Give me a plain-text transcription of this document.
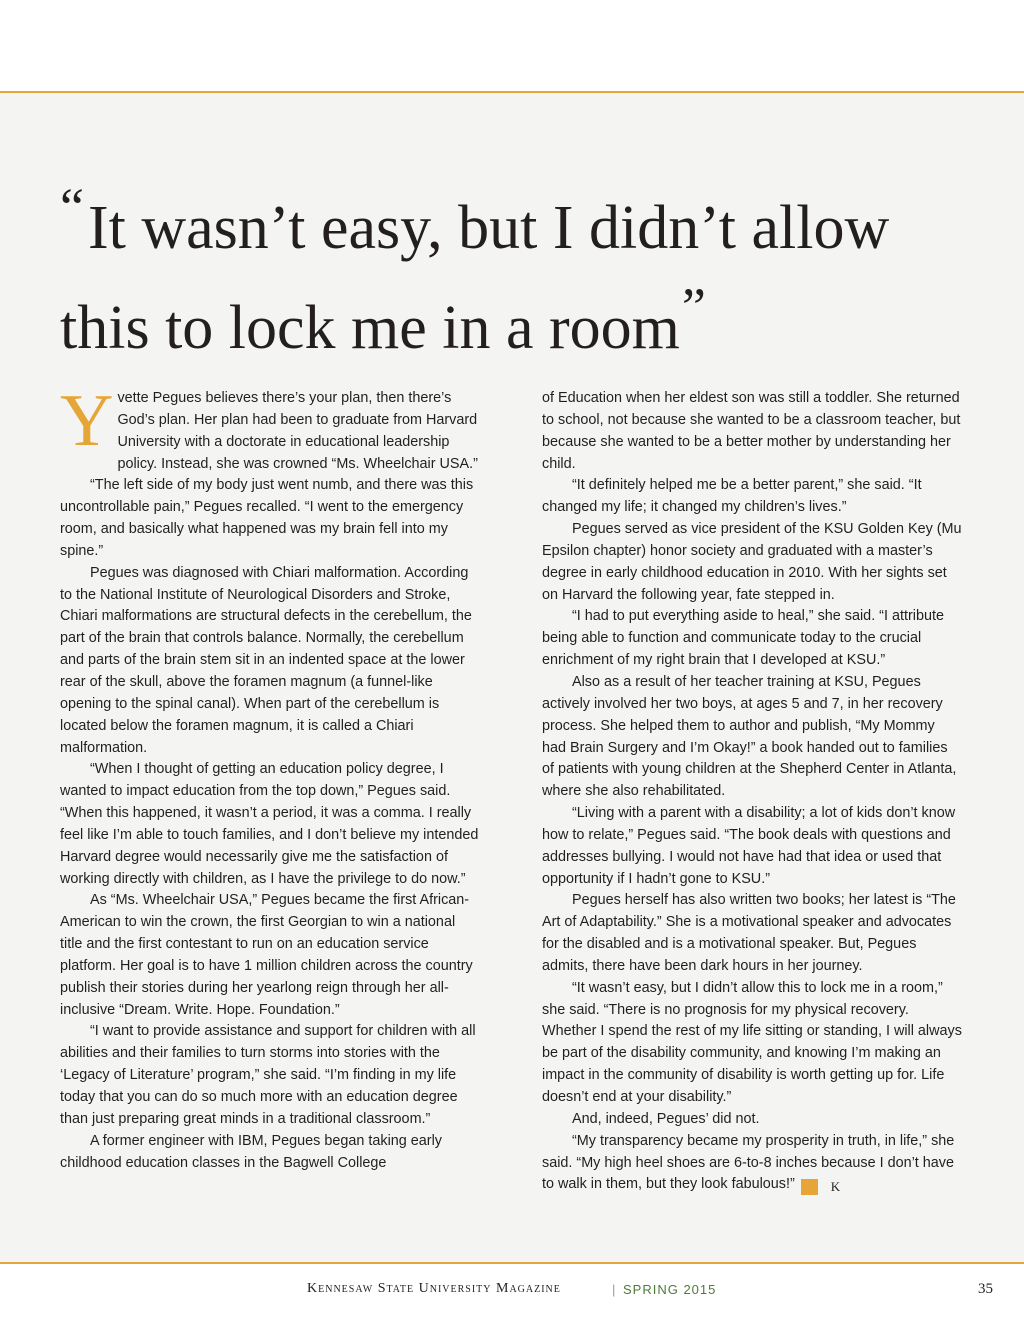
“It wasn’t easy, but I didn’t allow this to lock me in a room”

Yvette Pegues believes there’s your plan, then there’s God’s plan. Her plan had been to graduate from Harvard University with a doctorate in educational leadership policy. Instead, she was crowned “Ms. Wheelchair USA.”

“The left side of my body just went numb, and there was this uncontrollable pain,” Pegues recalled. “I went to the emergency room, and basically what happened was my brain fell into my spine.”

Pegues was diagnosed with Chiari malformation. According to the National Institute of Neurological Disorders and Stroke, Chiari malformations are structural defects in the cerebellum, the part of the brain that controls balance. Normally, the cerebellum and parts of the brain stem sit in an indented space at the lower rear of the skull, above the foramen magnum (a funnel-like opening to the spinal canal). When part of the cerebellum is located below the foramen magnum, it is called a Chiari malformation.

“When I thought of getting an education policy degree, I wanted to impact education from the top down,” Pegues said. “When this happened, it wasn’t a period, it was a comma. I really feel like I’m able to touch families, and I don’t believe my intended Harvard degree would necessarily give me the satisfaction of working directly with children, as I have the privilege to do now.”

As “Ms. Wheelchair USA,” Pegues became the first African-American to win the crown, the first Georgian to win a national title and the first contestant to run on an education service platform. Her goal is to have 1 million children across the country publish their stories during her yearlong reign through her all-inclusive “Dream. Write. Hope. Foundation.”

“I want to provide assistance and support for children with all abilities and their families to turn storms into stories with the ‘Legacy of Literature’ program,” she said. “I’m finding in my life today that you can do so much more with an education degree than just preparing great minds in a traditional classroom.”

A former engineer with IBM, Pegues began taking early childhood education classes in the Bagwell College

of Education when her eldest son was still a toddler. She returned to school, not because she wanted to be a classroom teacher, but because she wanted to be a better mother by understanding her child.

“It definitely helped me be a better parent,” she said. “It changed my life; it changed my children’s lives.”

Pegues served as vice president of the KSU Golden Key (Mu Epsilon chapter) honor society and graduated with a master’s degree in early childhood education in 2010. With her sights set on Harvard the following year, fate stepped in.

“I had to put everything aside to heal,” she said. “I attribute being able to function and communicate today to the crucial enrichment of my right brain that I developed at KSU.”

Also as a result of her teacher training at KSU, Pegues actively involved her two boys, at ages 5 and 7, in her recovery process. She helped them to author and publish, “My Mommy had Brain Surgery and I’m Okay!” a book handed out to families of patients with young children at the Shepherd Center in Atlanta, where she also rehabilitated.

“Living with a parent with a disability; a lot of kids don’t know how to relate,” Pegues said. “The book deals with questions and addresses bullying. I would not have had that idea or used that opportunity if I hadn’t gone to KSU.”

Pegues herself has also written two books; her latest is “The Art of Adaptability.” She is a motivational speaker and advocates for the disabled and is a motivational speaker. But, Pegues admits, there have been dark hours in her journey.

“It wasn’t easy, but I didn’t allow this to lock me in a room,” she said. “There is no prognosis for my physical recovery. Whether I spend the rest of my life sitting or standing, I will always be part of the disability community, and knowing I’m making an impact in the community of disability is worth getting up for. Life doesn’t end at your disability.”

And, indeed, Pegues’ did not.

“My transparency became my prosperity in truth, in life,” she said. “My high heel shoes are 6-to-8 inches because I don’t have to walk in them, but they look fabulous!”	K

Kennesaw State University Magazine	| SPRING 2015	35
